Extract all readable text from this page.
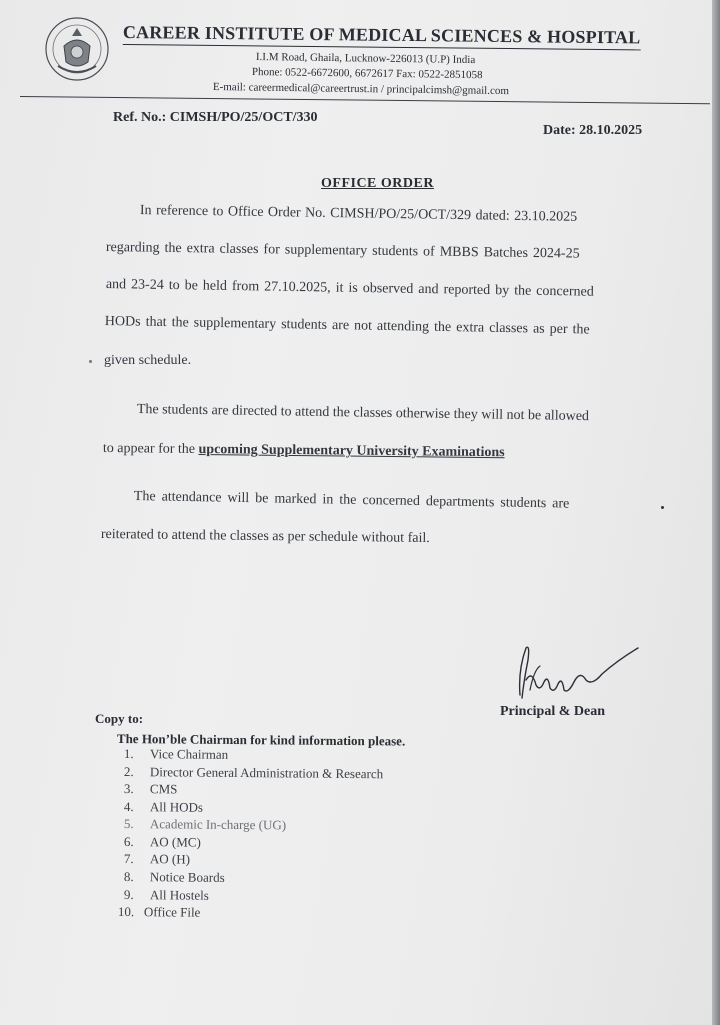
CAREER INSTITUTE OF MEDICAL SCIENCES & HOSPITAL
I.I.M Road, Ghaila, Lucknow-226013 (U.P) India
Phone: 0522-6672600, 6672617 Fax: 0522-2851058
E-mail: careermedical@careertrust.in / principalcimsh@gmail.com
Ref. No.: CIMSH/PO/25/OCT/330
Date: 28.10.2025
OFFICE ORDER
In reference to Office Order No. CIMSH/PO/25/OCT/329 dated: 23.10.2025
regarding the extra classes for supplementary students of MBBS Batches 2024-25
and 23-24 to be held from 27.10.2025, it is observed and reported by the concerned
HODs that the supplementary students are not attending the extra classes as per the
given schedule.
The students are directed to attend the classes otherwise they will not be allowed
to appear for the upcoming Supplementary University Examinations
The attendance will be marked in the concerned departments students are
reiterated to attend the classes as per schedule without fail.
Principal & Dean
Copy to:
The Hon’ble Chairman for kind information please.
1. Vice Chairman
2. Director General Administration & Research
3. CMS
4. All HODs
5. Academic In-charge (UG)
6. AO (MC)
7. AO (H)
8. Notice Boards
9. All Hostels
10. Office File
